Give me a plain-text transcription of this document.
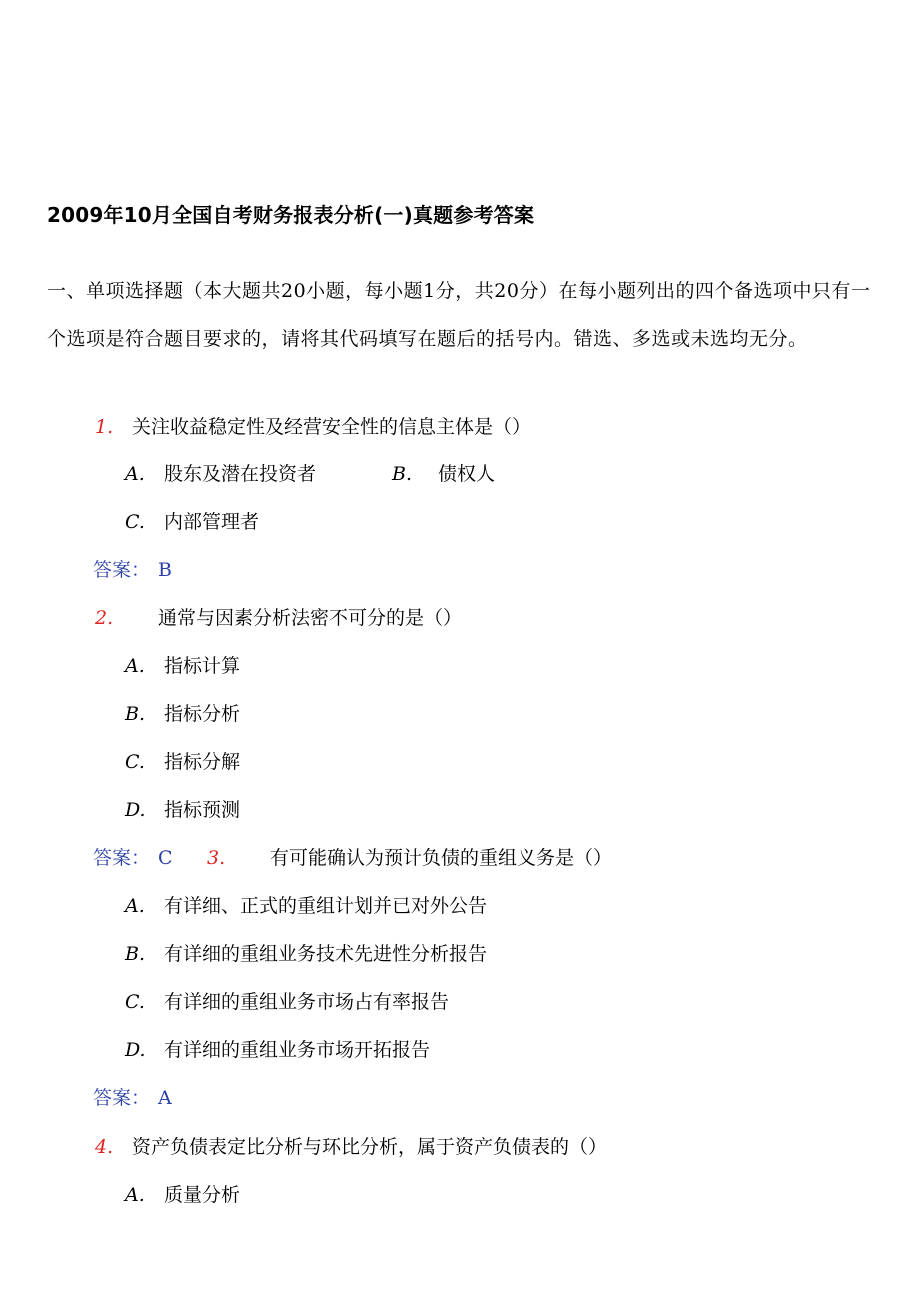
2009年10月全国自考财务报表分析(一)真题参考答案
一、单项选择题（本大题共20小题，每小题1分，共20分）在每小题列出的四个备选项中只有一个选项是符合题目要求的，请将其代码填写在题后的括号内。错选、多选或未选均无分。
1. 关注收益稳定性及经营安全性的信息主体是（）
A. 股东及潜在投资者	B. 债权人
C. 内部管理者
答案： B
2. 通常与因素分析法密不可分的是（）
A. 指标计算
B. 指标分析
C. 指标分解
D. 指标预测
答案： C 3. 有可能确认为预计负债的重组义务是（）
A. 有详细、正式的重组计划并已对外公告
B. 有详细的重组业务技术先进性分析报告
C. 有详细的重组业务市场占有率报告
D. 有详细的重组业务市场开拓报告
答案： A
4. 资产负债表定比分析与环比分析，属于资产负债表的（）
A. 质量分析
